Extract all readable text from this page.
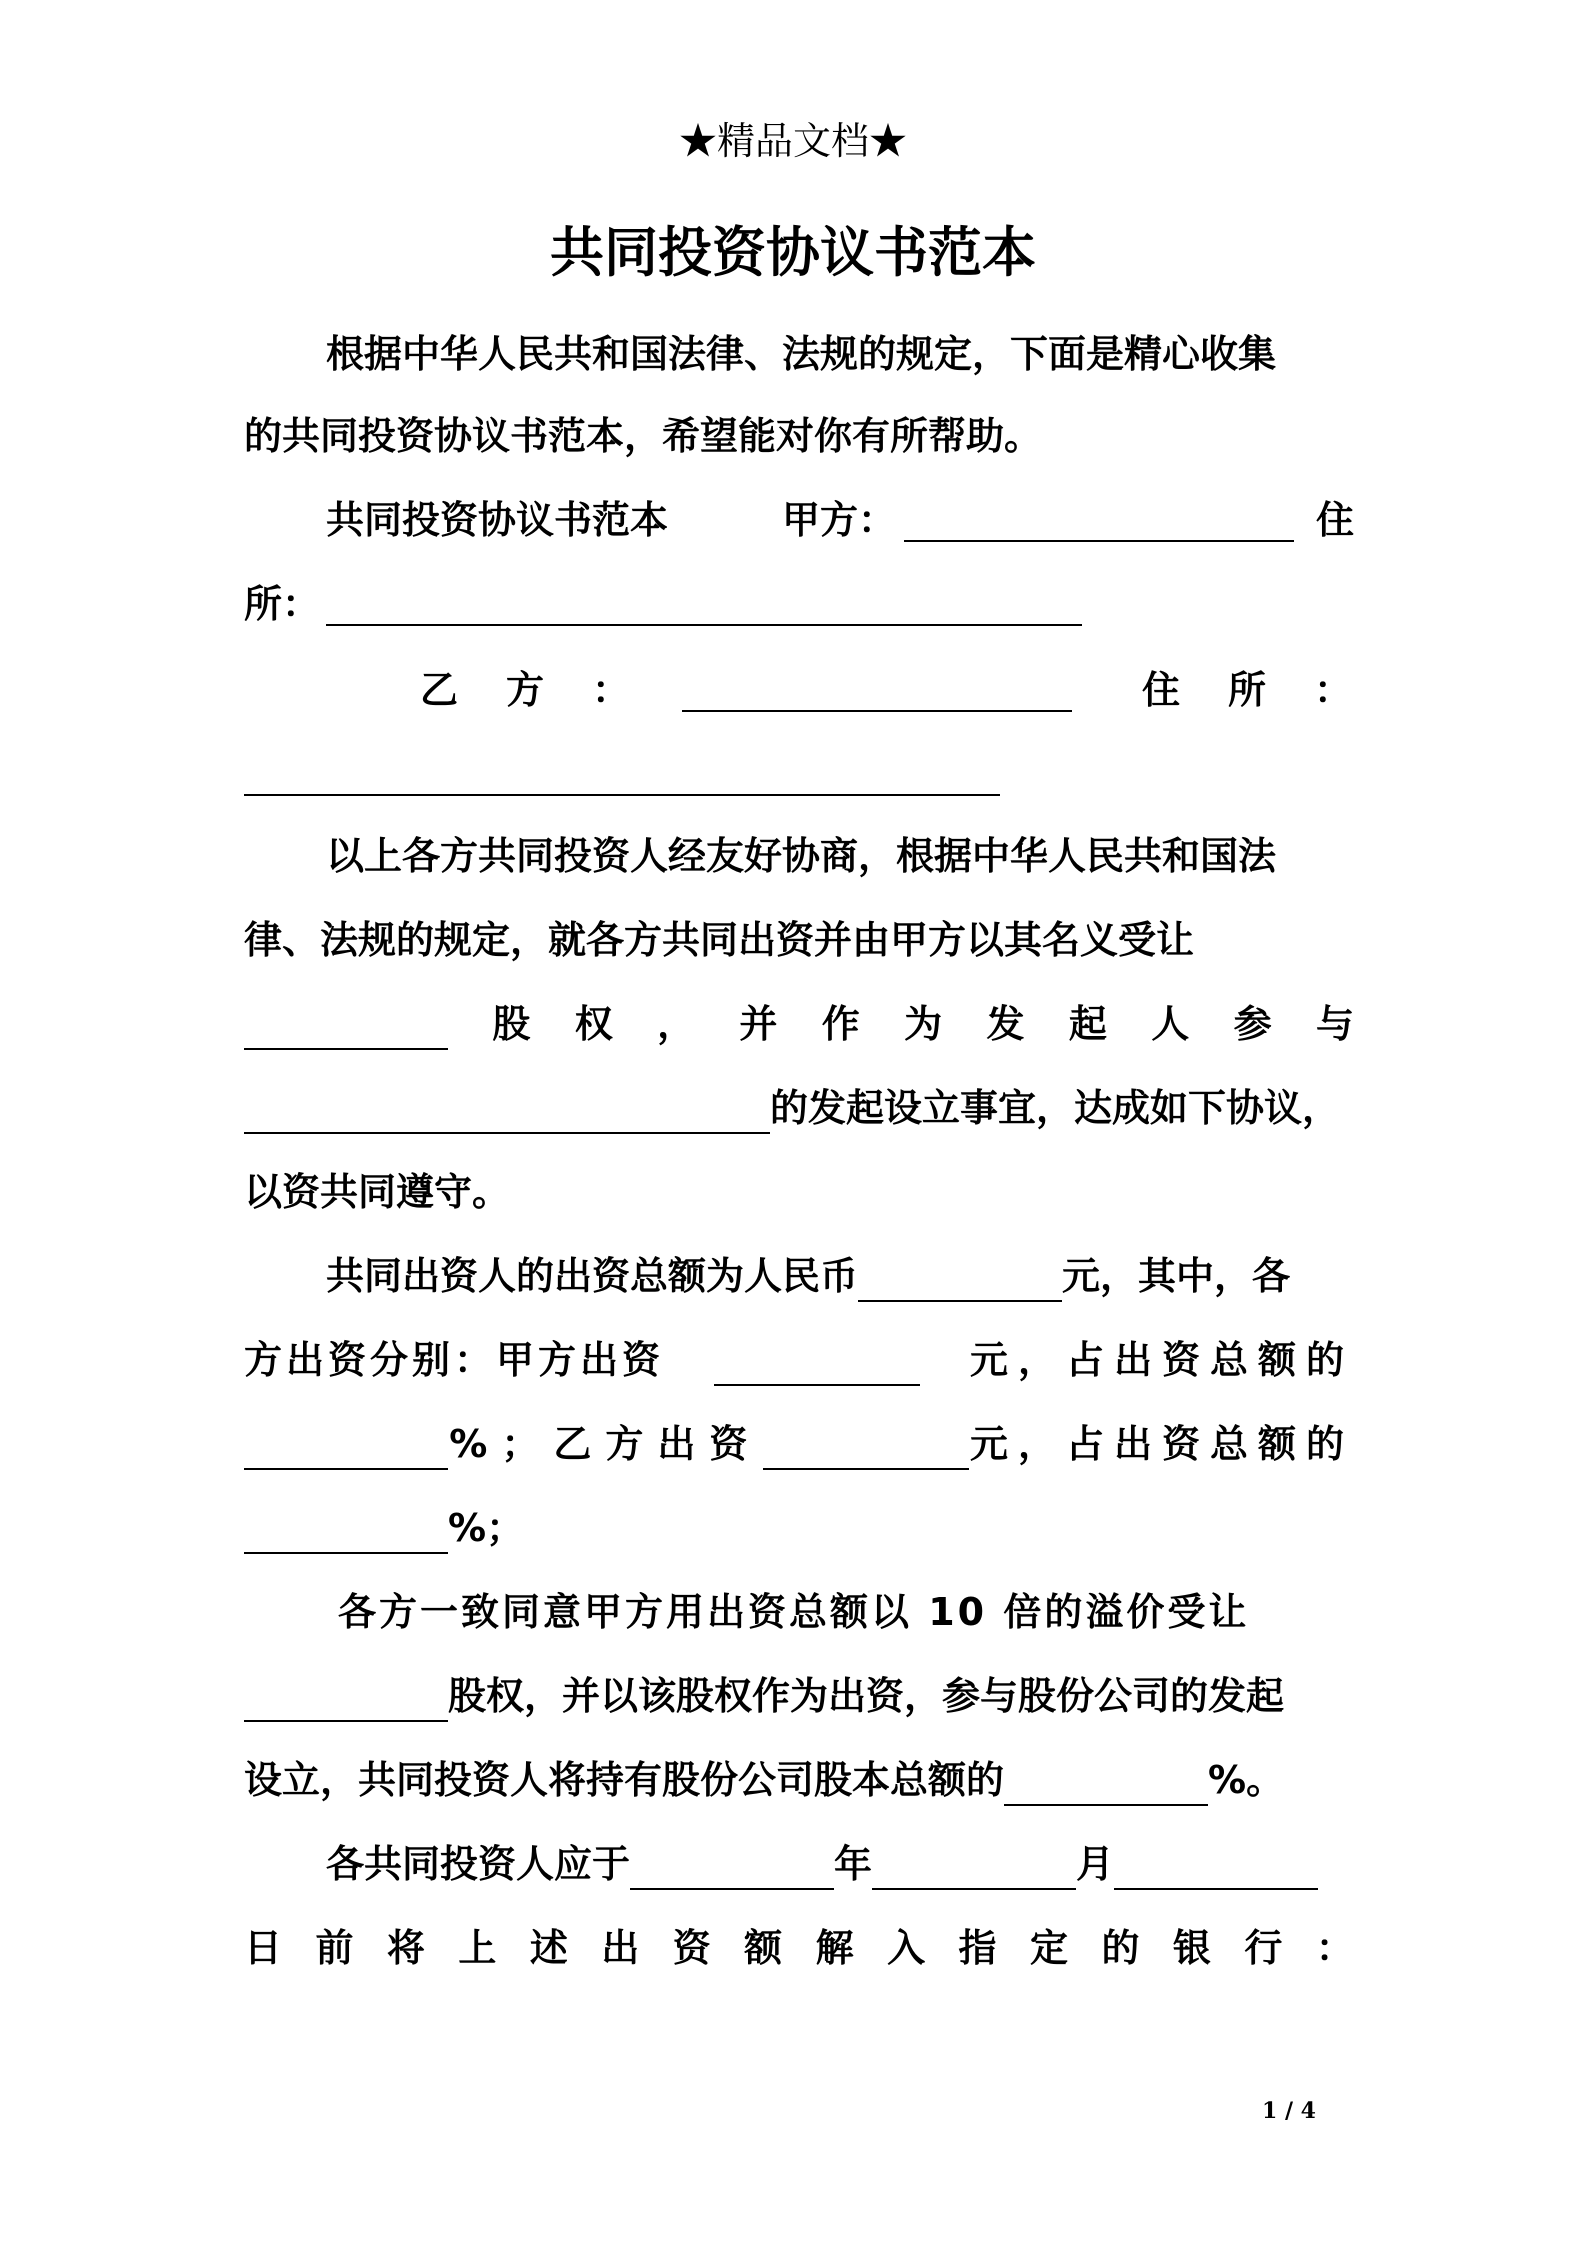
★精品文档★
共同投资协议书范本
根据中华人民共和国法律、法规的规定，下面是精心收集
的共同投资协议书范本，希望能对你有所帮助。
共同投资协议书范本	甲方：	住
所：
乙 方 ：	住 所 ：
以上各方共同投资人经友好协商，根据中华人民共和国法
律、法规的规定，就各方共同出资并由甲方以其名义受让
股 权 ， 并 作 为 发 起 人 参 与
的发起设立事宜，达成如下协议，
以资共同遵守。
共同出资人的出资总额为人民币	元，其中，各
方出资分别：甲方出资	元，占出资总额的
%；乙方出资	元，占出资总额的
%；
各方一致同意甲方用出资总额以 10 倍的溢价受让
股权，并以该股权作为出资，参与股份公司的发起
设立，共同投资人将持有股份公司股本总额的	%。
各共同投资人应于	年	月
日 前 将 上 述 出 资 额 解 入 指 定 的 银 行 ：
1 / 4
